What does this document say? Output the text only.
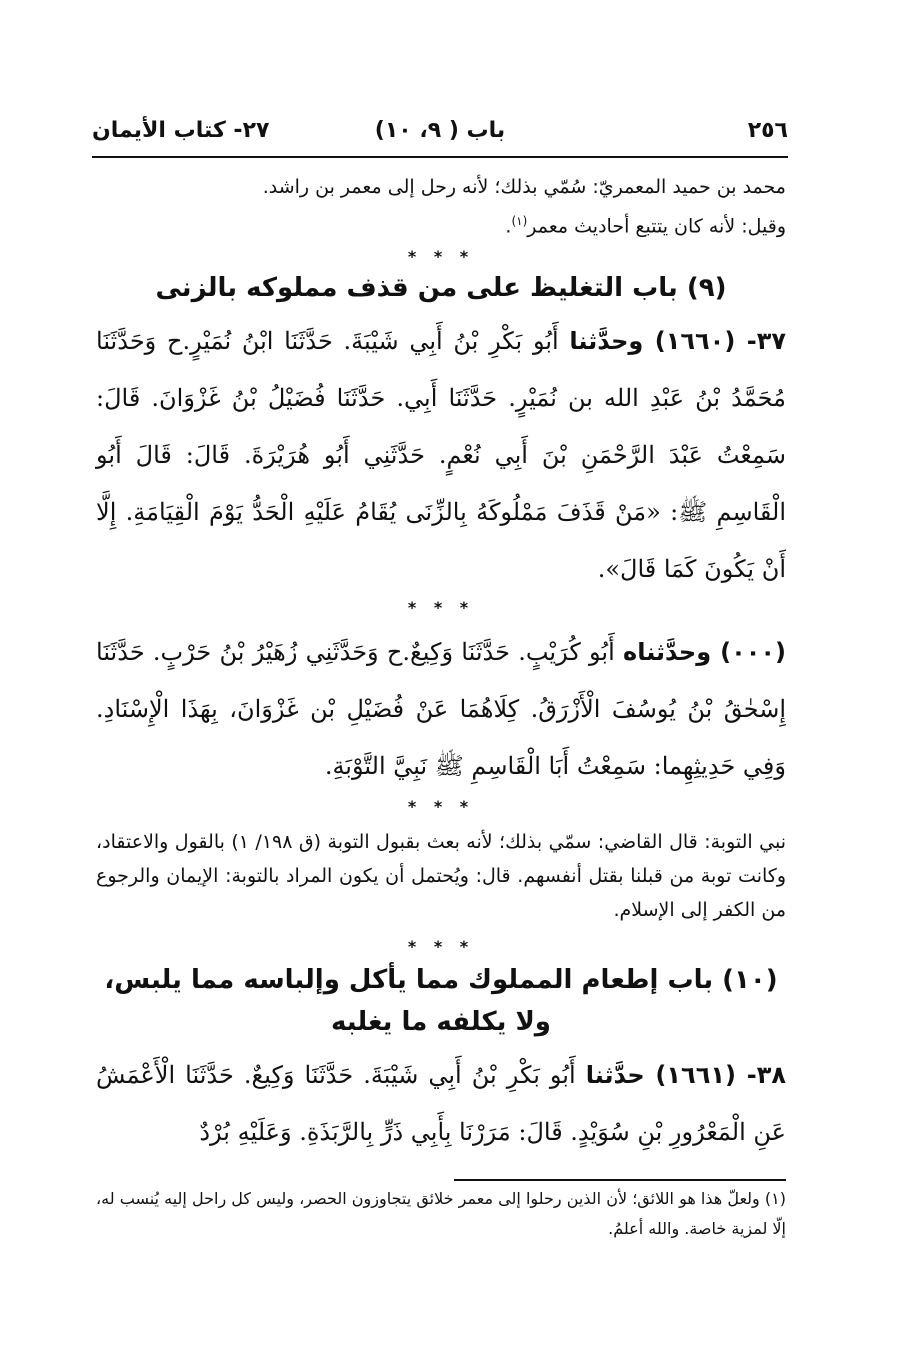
٢٥٦
باب ( ٩، ١٠)
٢٧- كتاب الأيمان

محمد بن حميد المعمريّ: سُمّي بذلك؛ لأنه رحل إلى معمر بن راشد.
وقيل: لأنه كان يتتبع أحاديث معمر$^{(١)}$.

* * *
(٩) باب التغليظ على من قذف مملوكه بالزنى

٣٧- (١٦٦٠) وحدَّثنا أَبُو بَكْرِ بْنُ أَبِي شَيْبَةَ. حَدَّثَنَا ابْنُ نُمَيْرٍ.ح وَحَدَّثَنَا مُحَمَّدُ بْنُ عَبْدِ الله بن نُمَيْرٍ. حَدَّثَنَا أَبِي. حَدَّثَنَا فُضَيْلُ بْنُ غَزْوَانَ. قَالَ: سَمِعْتُ عَبْدَ الرَّحْمَنِ بْنَ أَبِي نُعْمٍ. حَدَّثَنِي أَبُو هُرَيْرَةَ. قَالَ: قَالَ أَبُو الْقَاسِمِ ﷺ: «مَنْ قَذَفَ مَمْلُوكَهُ بِالزِّنَى يُقَامُ عَلَيْهِ الْحَدُّ يَوْمَ الْقِيَامَةِ. إِلَّا أَنْ يَكُونَ كَمَا قَالَ».

* * *

(٠٠٠) وحدَّثناه أَبُو كُرَيْبٍ. حَدَّثَنَا وَكِيعٌ.ح وَحَدَّثَنِي زُهَيْرُ بْنُ حَرْبٍ. حَدَّثَنَا إِسْحٰقُ بْنُ يُوسُفَ الْأَزْرَقُ. كِلَاهُمَا عَنْ فُضَيْلِ بْن غَزْوَانَ، بِهَذَا الْإِسْنَادِ. وَفِي حَدِيثِهِما: سَمِعْتُ أَبَا الْقَاسِمِ ﷺ نَبِيَّ التَّوْبَةِ.

* * *

نبي التوبة: قال القاضي: سمّي بذلك؛ لأنه بعث بقبول التوبة (ق ١٩٨/ ١) بالقول والاعتقاد، وكانت توبة من قبلنا بقتل أنفسهم. قال: ويُحتمل أن يكون المراد بالتوبة: الإيمان والرجوع من الكفر إلى الإسلام.

* * *
(١٠) باب إطعام المملوك مما يأكل وإلباسه مما يلبس،
ولا يكلفه ما يغلبه

٣٨- (١٦٦١) حدَّثنا أَبُو بَكْرِ بْنُ أَبِي شَيْبَةَ. حَدَّثَنَا وَكِيعٌ. حَدَّثَنَا الْأَعْمَشُ عَنِ الْمَعْرُورِ بْنِ سُوَيْدٍ. قَالَ: مَرَرْنَا بِأَبِي ذَرٍّ بِالرَّبَذَةِ. وَعَلَيْهِ بُرْدٌ

(١) ولعلّ هذا هو اللائق؛ لأن الذين رحلوا إلى معمر خلائق يتجاوزون الحصر، وليس كل راحل إليه يُنسب له، إلّا لمزية خاصة. والله أعلمُ.
